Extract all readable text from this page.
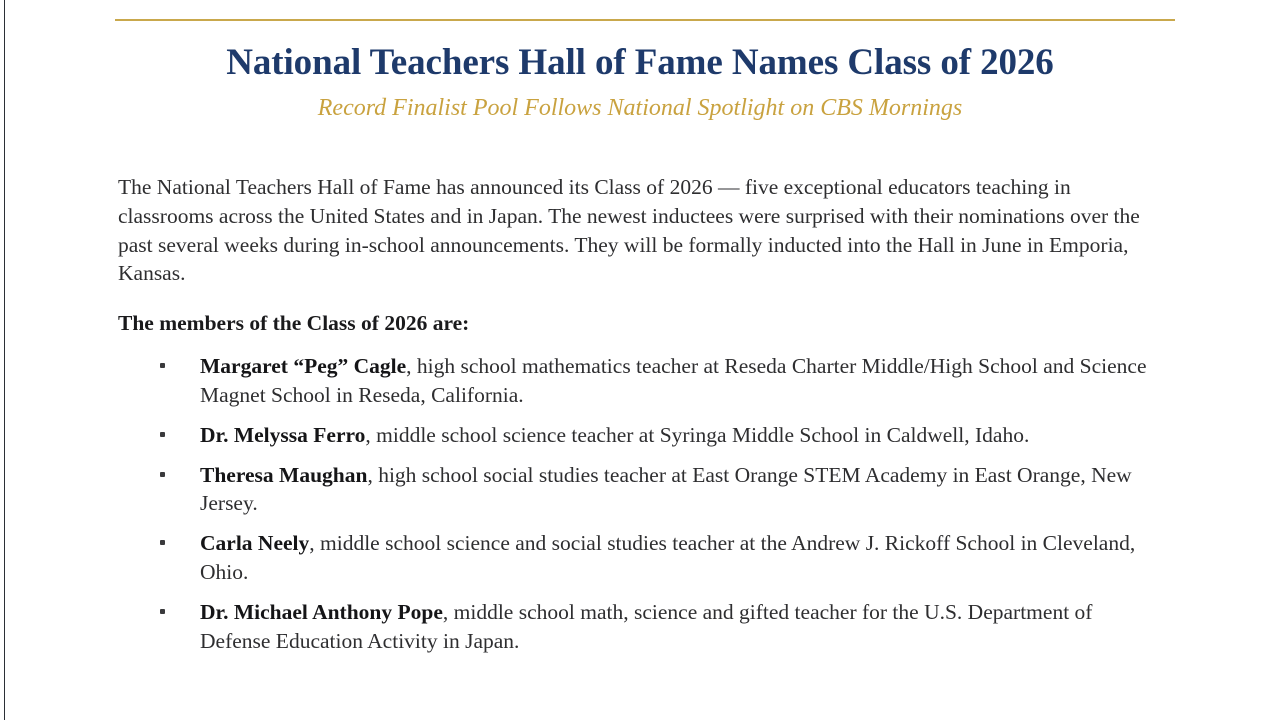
National Teachers Hall of Fame Names Class of 2026
Record Finalist Pool Follows National Spotlight on CBS Mornings

The National Teachers Hall of Fame has announced its Class of 2026 — five exceptional educators teaching in classrooms across the United States and in Japan. The newest inductees were surprised with their nominations over the past several weeks during in-school announcements. They will be formally inducted into the Hall in June in Emporia, Kansas.

The members of the Class of 2026 are:

Margaret “Peg” Cagle, high school mathematics teacher at Reseda Charter Middle/High School and Science Magnet School in Reseda, California.
Dr. Melyssa Ferro, middle school science teacher at Syringa Middle School in Caldwell, Idaho.
Theresa Maughan, high school social studies teacher at East Orange STEM Academy in East Orange, New Jersey.
Carla Neely, middle school science and social studies teacher at the Andrew J. Rickoff School in Cleveland, Ohio.
Dr. Michael Anthony Pope, middle school math, science and gifted teacher for the U.S. Department of Defense Education Activity in Japan.
